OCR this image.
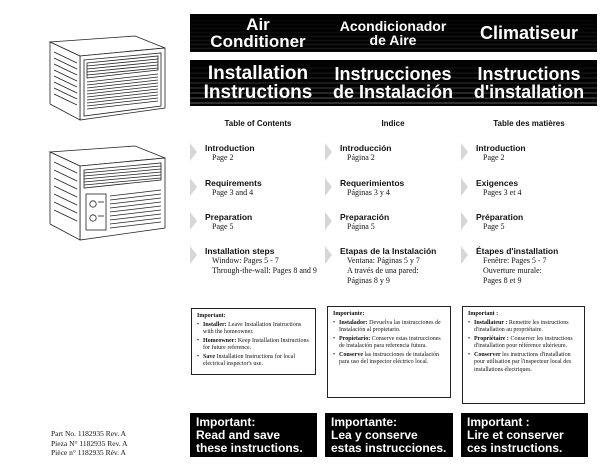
Air
Conditioner
Installation
Instructions
Table of Contents
Acondicionador
de Aire
Instrucciones
de Instalación
Indice
Climatiseur
Instructions
d'installation
Table des matières
Introduction
Page 2
Requirements
Page 3 and 4
Preparation
Page 5
Installation steps
Window: Pages 5 - 7
Through-the-wall: Pages 8 and 9
Introducción
Página 2
Requerimientos
Páginas 3 y 4
Preparación
Página 5
Etapas de la Instalación
Ventana: Páginas 5 y 7
A través de una pared:
Páginas 8 y 9
Introduction
Page 2
Exigences
Pages 3 et 4
Préparation
Page 5
Étapes d'installation
Fenêtre: Pages 5 - 7
Ouverture murale:
Pages 8 et 9
Important:
• Installer: Leave Installation Instructions with the homeowner.
• Homeowner: Keep Installation Instructions for future reference.
• Save Installation Instructions for local electrical inspector's use.
Importante:
• Instalador: Devuelva las instrucciones de Instalación al propietario.
• Propietario: Conserve estas instrucciones de instalación para referencia futura.
• Conserve las instrucciones de instalación para uso del inspector eléctrico local.
Important :
• Installateur : Remettre les instructions d'installation au propriétaire.
• Propriétaire : Conserver les instructions d'installation pour référence ultérieure.
• Conserver les instructions d'installation pour utilisation par l'inspecteur local des installations électriques.
Important:
Read and save
these instructions.
Importante:
Lea y conserve
estas instrucciones.
Important :
Lire et conserver
ces instructions.
Part No. 1182935 Rev. A
Pieza N° 1182935 Rev. A
Pièce n° 1182935 Rév. A
